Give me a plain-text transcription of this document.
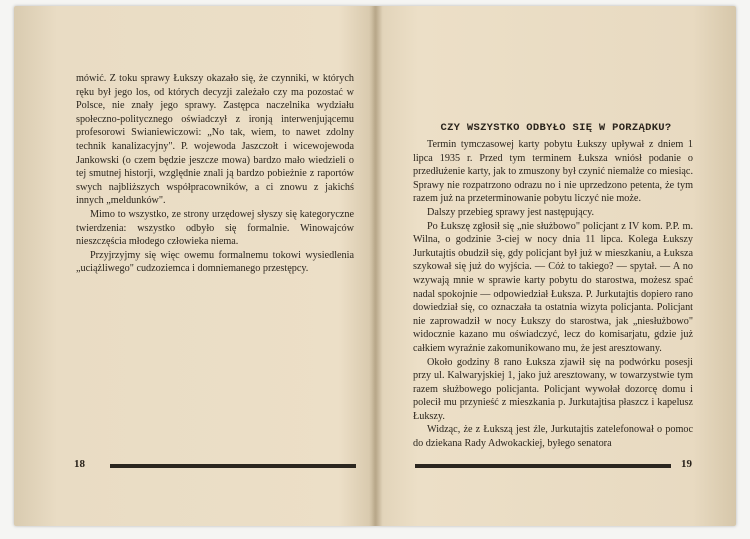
mówić. Z toku sprawy Łukszy okazało się, że czynniki, w których ręku był jego los, od których decyzji zależało czy ma pozostać w Polsce, nie znały jego sprawy. Zastępca naczelnika wydziału społeczno-politycznego oświadczył z ironją interwenjującemu profesorowi Swianiewiczowi: „No tak, wiem, to nawet zdolny technik kanalizacyjny". P. wojewoda Jaszczołt i wicewojewoda Jankowski (o czem będzie jeszcze mowa) bardzo mało wiedzieli o tej smutnej historji, względnie znali ją bardzo pobieżnie z raportów swych najbliższych współpracowników, a ci znowu z jakichś innych „meldunków".

Mimo to wszystko, ze strony urzędowej słyszy się kategoryczne twierdzenia: wszystko odbyło się formalnie. Winowajców nieszczęścia młodego człowieka niema.

Przyjrzyjmy się więc owemu formalnemu tokowi wysiedlenia „uciążliwego" cudzoziemca i domniemanego przestępcy.

18
CZY WSZYSTKO ODBYŁO SIĘ W PORZĄDKU?

Termin tymczasowej karty pobytu Łukszy upływał z dniem 1 lipca 1935 r. Przed tym terminem Łuksza wniósł podanie o przedłużenie karty, jak to zmuszony był czynić niemalże co miesiąc. Sprawy nie rozpatrzono odrazu no i nie uprzedzono petenta, że tym razem już na przeterminowanie pobytu liczyć nie może.

Dalszy przebieg sprawy jest następujący.

Po Łukszę zgłosił się „nie służbowo" policjant z IV kom. P.P. m. Wilna, o godzinie 3-ciej w nocy dnia 11 lipca. Kolega Łukszy Jurkutajtis obudził się, gdy policjant był już w mieszkaniu, a Łuksza szykował się już do wyjścia. — Cóż to takiego? — spytał. — A no wzywają mnie w sprawie karty pobytu do starostwa, możesz spać nadal spokojnie — odpowiedział Łuksza. P. Jurkutajtis dopiero rano dowiedział się, co oznaczała ta ostatnia wizyta policjanta. Policjant nie zaprowadził w nocy Łukszy do starostwa, jak „niesłużbowo" widocznie kazano mu oświadczyć, lecz do komisarjatu, gdzie już całkiem wyraźnie zakomunikowano mu, że jest aresztowany.

Około godziny 8 rano Łuksza zjawił się na podwórku posesji przy ul. Kalwaryjskiej 1, jako już aresztowany, w towarzystwie tym razem służbowego policjanta. Policjant wywołał dozorcę domu i polecił mu przynieść z mieszkania p. Jurkutajtisa płaszcz i kapelusz Łukszy.

Widząc, że z Łukszą jest źle, Jurkutajtis zatelefonował o pomoc do dziekana Rady Adwokackiej, byłego senatora

19
